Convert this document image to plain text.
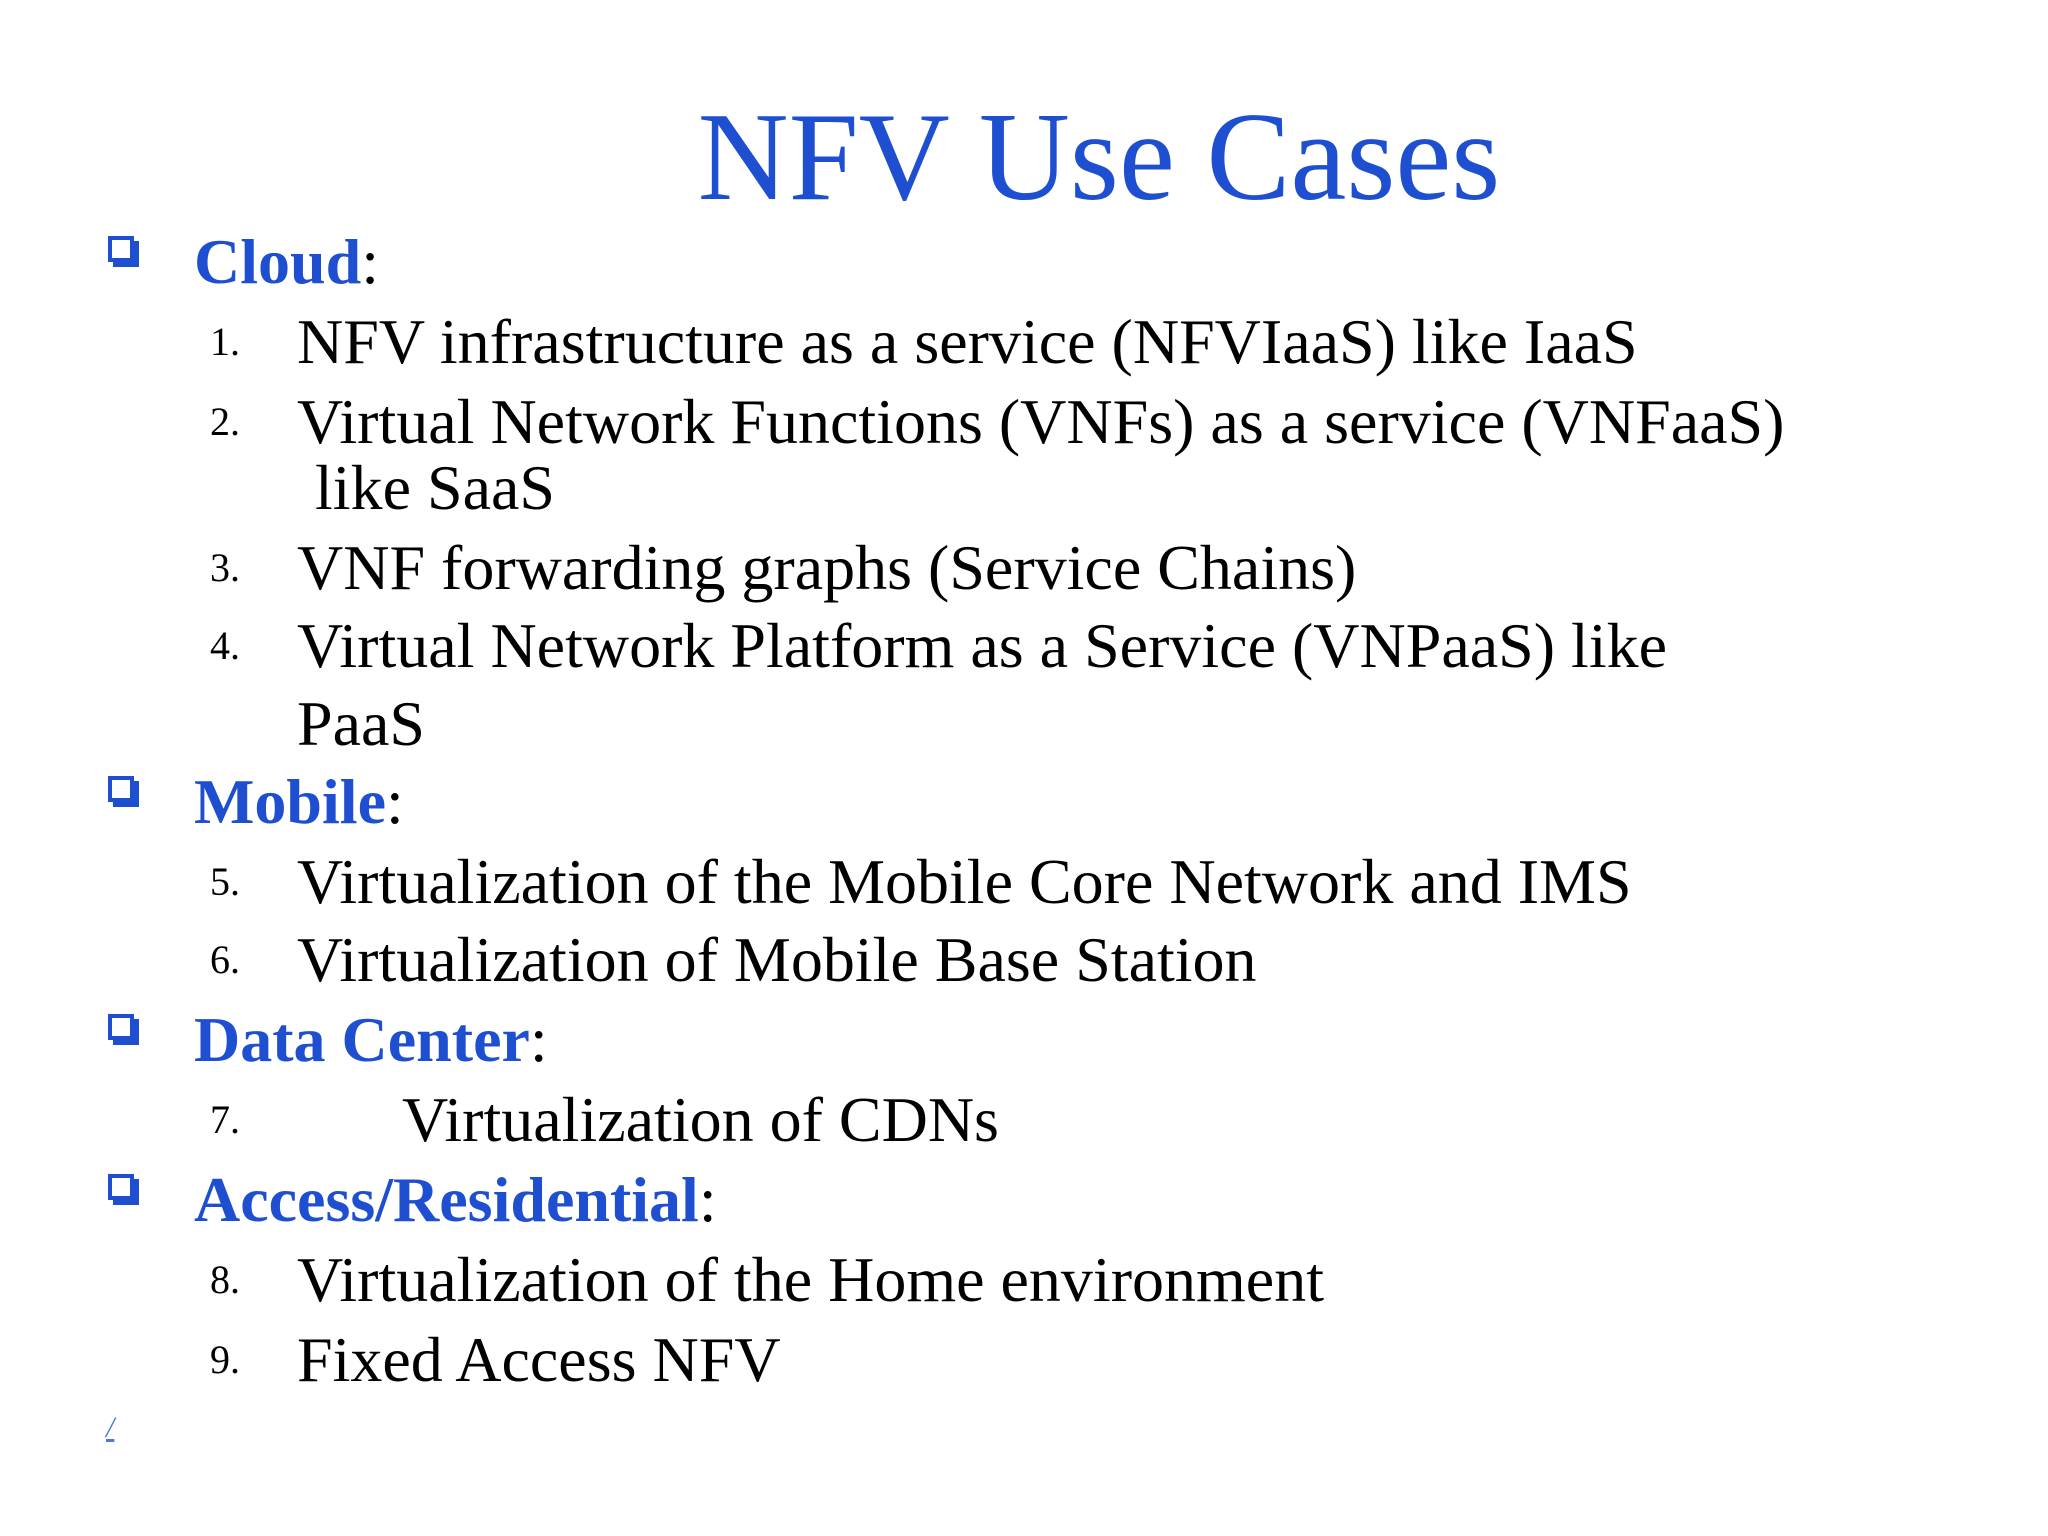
NFV Use Cases
Cloud:
1. NFV infrastructure as a service (NFVIaaS) like IaaS
2. Virtual Network Functions (VNFs) as a service (VNFaaS)
like SaaS
3. VNF forwarding graphs (Service Chains)
4. Virtual Network Platform as a Service (VNPaaS) like
PaaS
Mobile:
5. Virtualization of the Mobile Core Network and IMS
6. Virtualization of Mobile Base Station
Data Center:
7.	Virtualization of CDNs
Access/Residential:
8. Virtualization of the Home environment
9. Fixed Access NFV
/
